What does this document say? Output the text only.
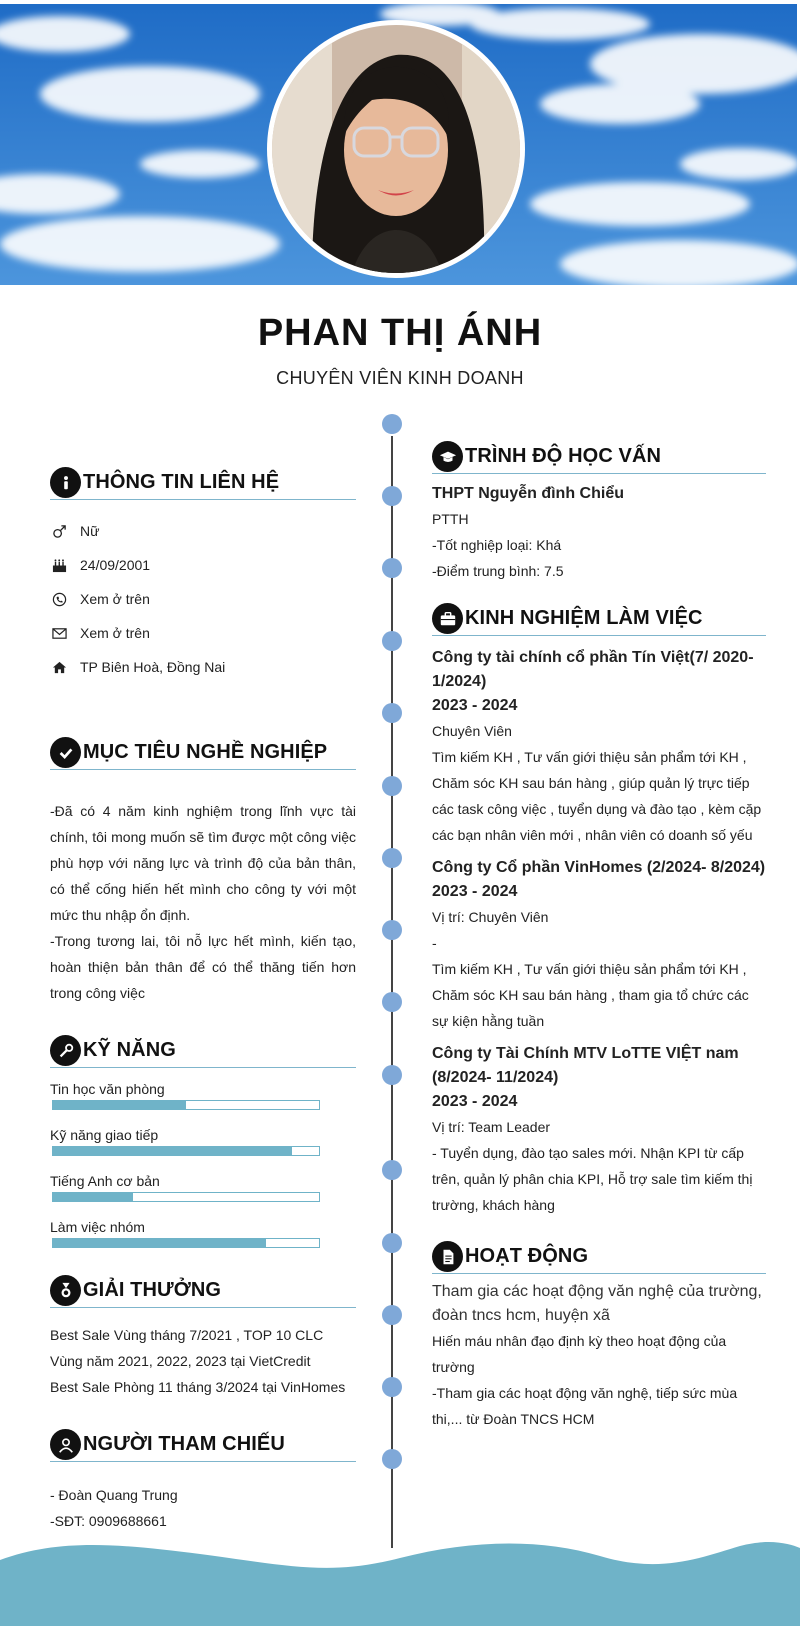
PHAN THỊ ÁNH
CHUYÊN VIÊN KINH DOANH
THÔNG TIN LIÊN HỆ
Nữ
24/09/2001
Xem ở trên
Xem ở trên
TP Biên Hoà, Đồng Nai
MỤC TIÊU NGHỀ NGHIỆP
-Đã có 4 năm kinh nghiệm trong lĩnh vực tài chính, tôi mong muốn sẽ tìm được một công việc phù hợp với năng lực và trình độ của bản thân, có thể cống hiến hết mình cho công ty với một mức thu nhập ổn định.
-Trong tương lai, tôi nỗ lực hết mình, kiến tạo, hoàn thiện bản thân để có thể thăng tiến hơn trong công việc
KỸ NĂNG
Tin học văn phòng
Kỹ năng giao tiếp
Tiếng Anh cơ bản
Làm việc nhóm
GIẢI THƯỞNG
Best Sale Vùng tháng 7/2021 , TOP 10 CLC Vùng năm 2021, 2022, 2023 tại VietCredit
Best Sale Phòng 11 tháng 3/2024 tại VinHomes
NGƯỜI THAM CHIẾU
- Đoàn Quang Trung
-SĐT: 0909688661
TRÌNH ĐỘ HỌC VẤN
THPT Nguyễn đình Chiểu
PTTH
-Tốt nghiệp loại: Khá
-Điểm trung bình: 7.5
KINH NGHIỆM LÀM VIỆC
Công ty tài chính cổ phần Tín Việt(7/ 2020-1/2024)
2023 - 2024
Chuyên Viên
Tìm kiếm KH , Tư vấn giới thiệu sản phẩm tới KH , Chăm sóc KH sau bán hàng , giúp quản lý trực tiếp các task công việc , tuyển dụng và đào tạo , kèm cặp các bạn nhân viên mới , nhân viên có doanh số yếu
Công ty Cổ phần VinHomes (2/2024- 8/2024)
2023 - 2024
Vị trí: Chuyên Viên
-
Tìm kiếm KH , Tư vấn giới thiệu sản phẩm tới KH , Chăm sóc KH sau bán hàng , tham gia tổ chức các sự kiện hằng tuần
Công ty Tài Chính MTV LoTTE VIỆT nam (8/2024- 11/2024)
2023 - 2024
Vị trí: Team Leader
- Tuyển dụng, đào tạo sales mới. Nhận KPI từ cấp trên, quản lý phân chia KPI, Hỗ trợ sale tìm kiếm thị trường, khách hàng
HOẠT ĐỘNG
Tham gia các hoạt động văn nghệ của trường, đoàn tncs hcm, huyện xã
Hiến máu nhân đạo định kỳ theo hoạt động của trường
-Tham gia các hoạt động văn nghệ, tiếp sức mùa thi,... từ Đoàn TNCS HCM
